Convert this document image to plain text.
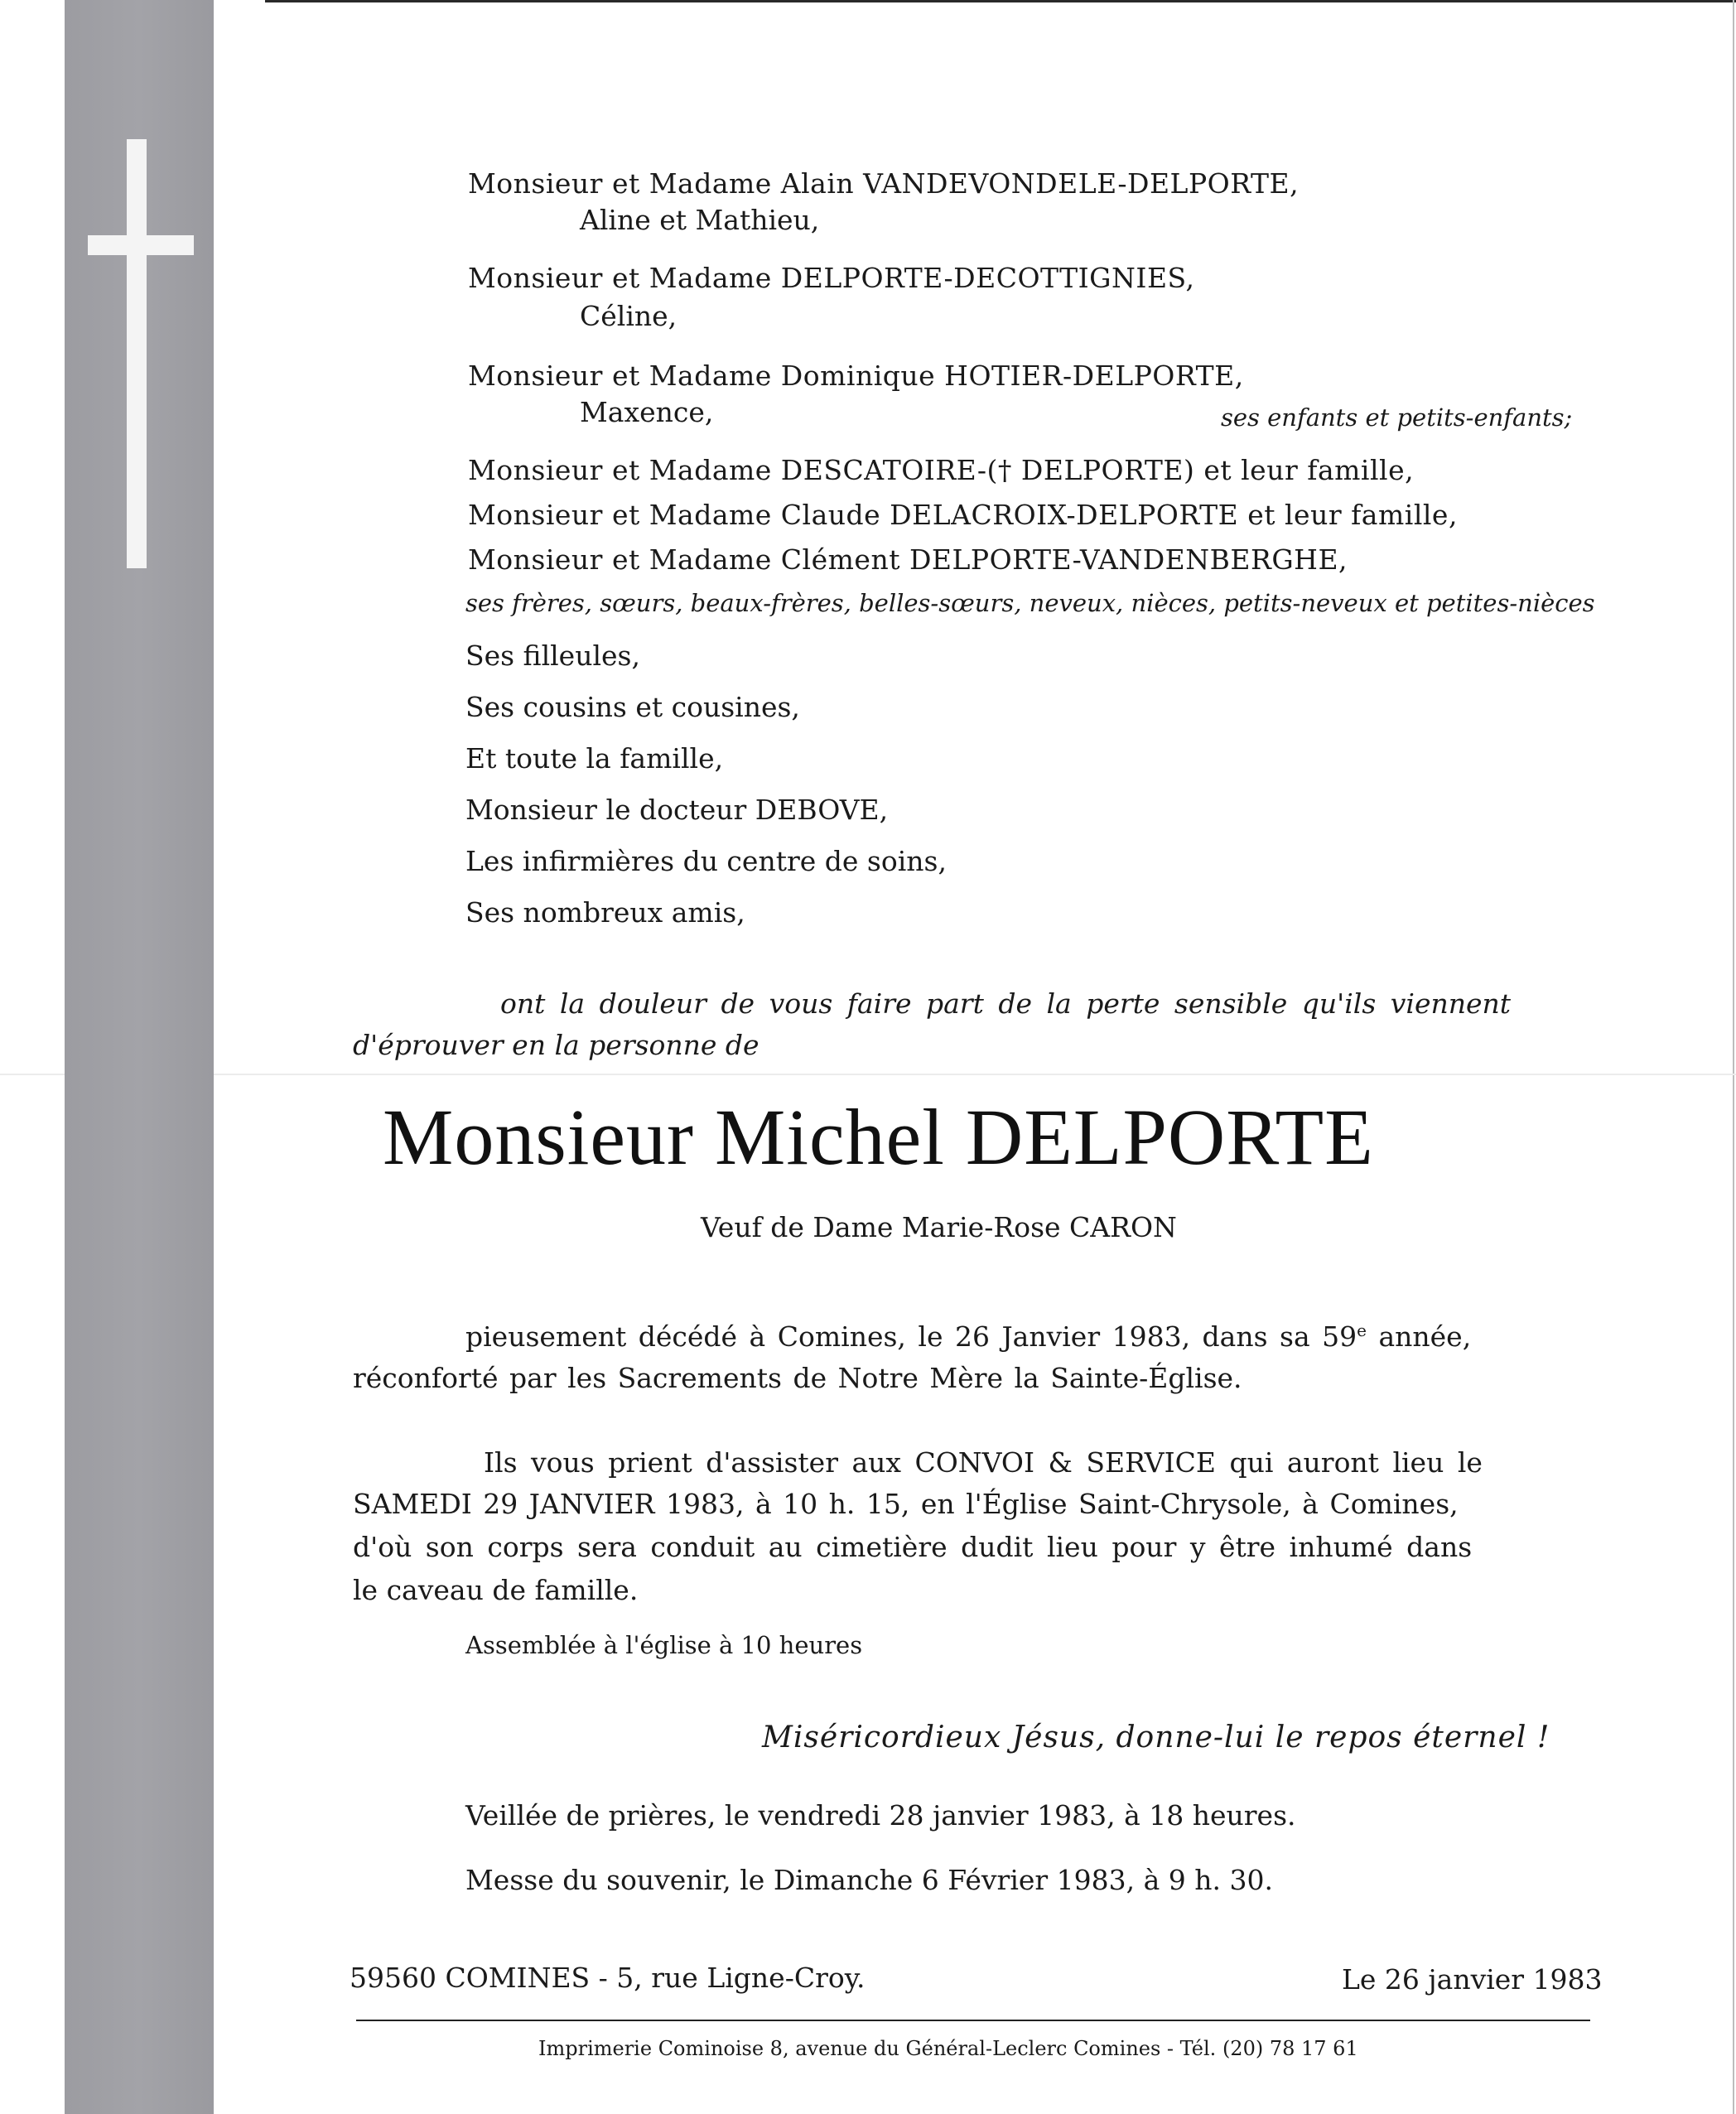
Monsieur et Madame Alain VANDEVONDELE-DELPORTE,
Aline et Mathieu,
Monsieur et Madame DELPORTE-DECOTTIGNIES,
Céline,
Monsieur et Madame Dominique HOTIER-DELPORTE,
Maxence,	ses enfants et petits-enfants;
Monsieur et Madame DESCATOIRE-(† DELPORTE) et leur famille,
Monsieur et Madame Claude DELACROIX-DELPORTE et leur famille,
Monsieur et Madame Clément DELPORTE-VANDENBERGHE,
ses frères, sœurs, beaux-frères, belles-sœurs, neveux, nièces, petits-neveux et petites-nièces
Ses filleules,
Ses cousins et cousines,
Et toute la famille,
Monsieur le docteur DEBOVE,
Les infirmières du centre de soins,
Ses nombreux amis,
ont la douleur de vous faire part de la perte sensible qu'ils viennent
d'éprouver en la personne de
Monsieur Michel DELPORTE
Veuf de Dame Marie-Rose CARON
pieusement décédé à Comines, le 26 Janvier 1983, dans sa 59e année,
réconforté par les Sacrements de Notre Mère la Sainte-Église.
Ils vous prient d'assister aux CONVOI & SERVICE qui auront lieu le
SAMEDI 29 JANVIER 1983, à 10 h. 15, en l'Église Saint-Chrysole, à Comines,
d'où son corps sera conduit au cimetière dudit lieu pour y être inhumé dans
le caveau de famille.
Assemblée à l'église à 10 heures
Miséricordieux Jésus, donne-lui le repos éternel !
Veillée de prières, le vendredi 28 janvier 1983, à 18 heures.
Messe du souvenir, le Dimanche 6 Février 1983, à 9 h. 30.
59560 COMINES - 5, rue Ligne-Croy.	Le 26 janvier 1983
Imprimerie Cominoise 8, avenue du Général-Leclerc Comines - Tél. (20) 78 17 61
